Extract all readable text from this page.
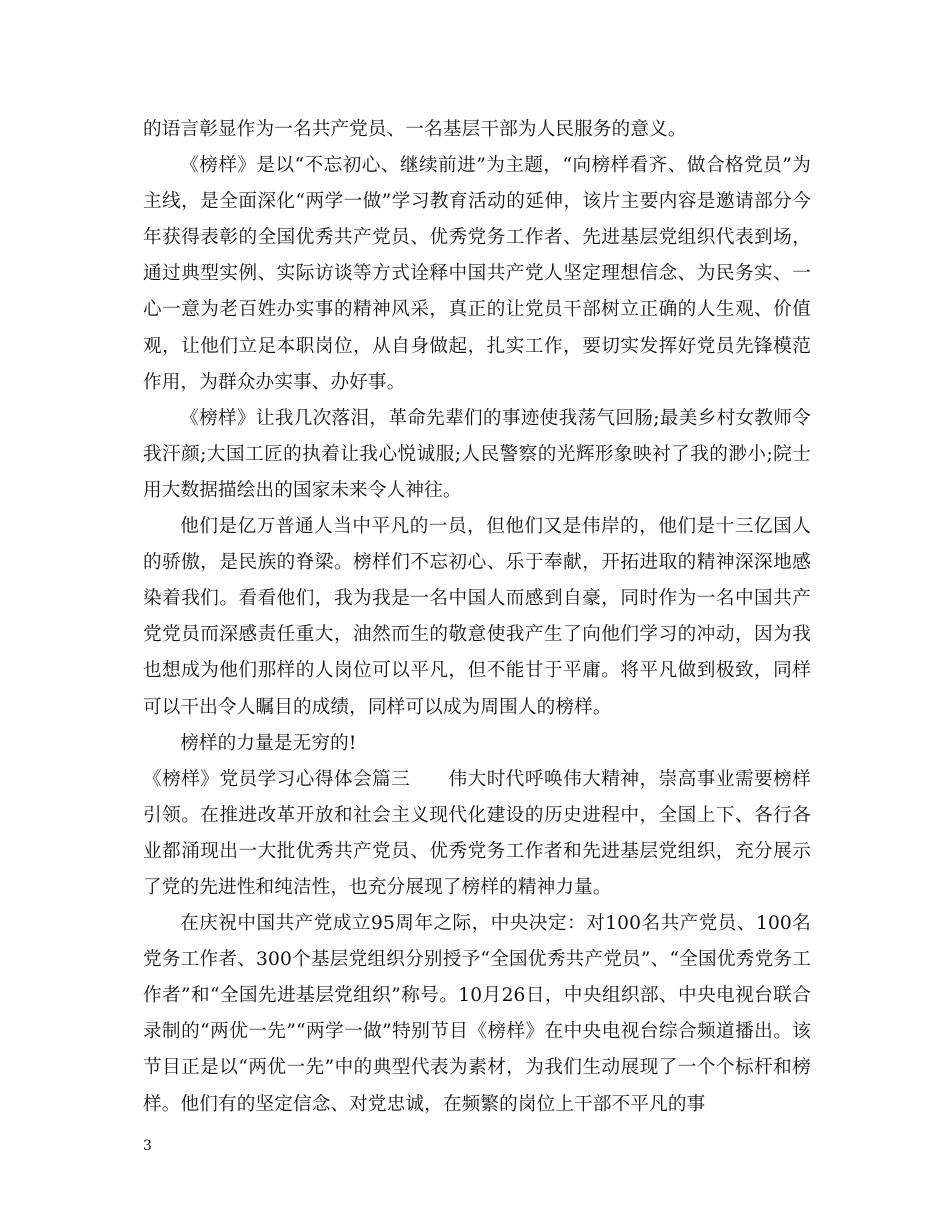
的语言彰显作为一名共产党员、一名基层干部为人民服务的意义。

《榜样》是以“不忘初心、继续前进”为主题，“向榜样看齐、做合格党员”为主线，是全面深化“两学一做”学习教育活动的延伸，该片主要内容是邀请部分今年获得表彰的全国优秀共产党员、优秀党务工作者、先进基层党组织代表到场，通过典型实例、实际访谈等方式诠释中国共产党人坚定理想信念、为民务实、一心一意为老百姓办实事的精神风采，真正的让党员干部树立正确的人生观、价值观，让他们立足本职岗位，从自身做起，扎实工作，要切实发挥好党员先锋模范作用，为群众办实事、办好事。

《榜样》让我几次落泪，革命先辈们的事迹使我荡气回肠;最美乡村女教师令我汗颜;大国工匠的执着让我心悦诚服;人民警察的光辉形象映衬了我的渺小;院士用大数据描绘出的国家未来令人神往。

他们是亿万普通人当中平凡的一员，但他们又是伟岸的，他们是十三亿国人的骄傲，是民族的脊梁。榜样们不忘初心、乐于奉献，开拓进取的精神深深地感染着我们。看看他们，我为我是一名中国人而感到自豪，同时作为一名中国共产党党员而深感责任重大，油然而生的敬意使我产生了向他们学习的冲动，因为我也想成为他们那样的人岗位可以平凡，但不能甘于平庸。将平凡做到极致，同样可以干出令人瞩目的成绩，同样可以成为周围人的榜样。

榜样的力量是无穷的!

《榜样》党员学习心得体会篇三　　伟大时代呼唤伟大精神，崇高事业需要榜样引领。在推进改革开放和社会主义现代化建设的历史进程中，全国上下、各行各业都涌现出一大批优秀共产党员、优秀党务工作者和先进基层党组织，充分展示了党的先进性和纯洁性，也充分展现了榜样的精神力量。

在庆祝中国共产党成立95周年之际，中央决定：对100名共产党员、100名党务工作者、300个基层党组织分别授予“全国优秀共产党员”、“全国优秀党务工作者”和“全国先进基层党组织”称号。10月26日，中央组织部、中央电视台联合录制的“两优一先”“两学一做”特别节目《榜样》在中央电视台综合频道播出。该节目正是以“两优一先”中的典型代表为素材，为我们生动展现了一个个标杆和榜样。他们有的坚定信念、对党忠诚，在频繁的岗位上干部不平凡的事

3
